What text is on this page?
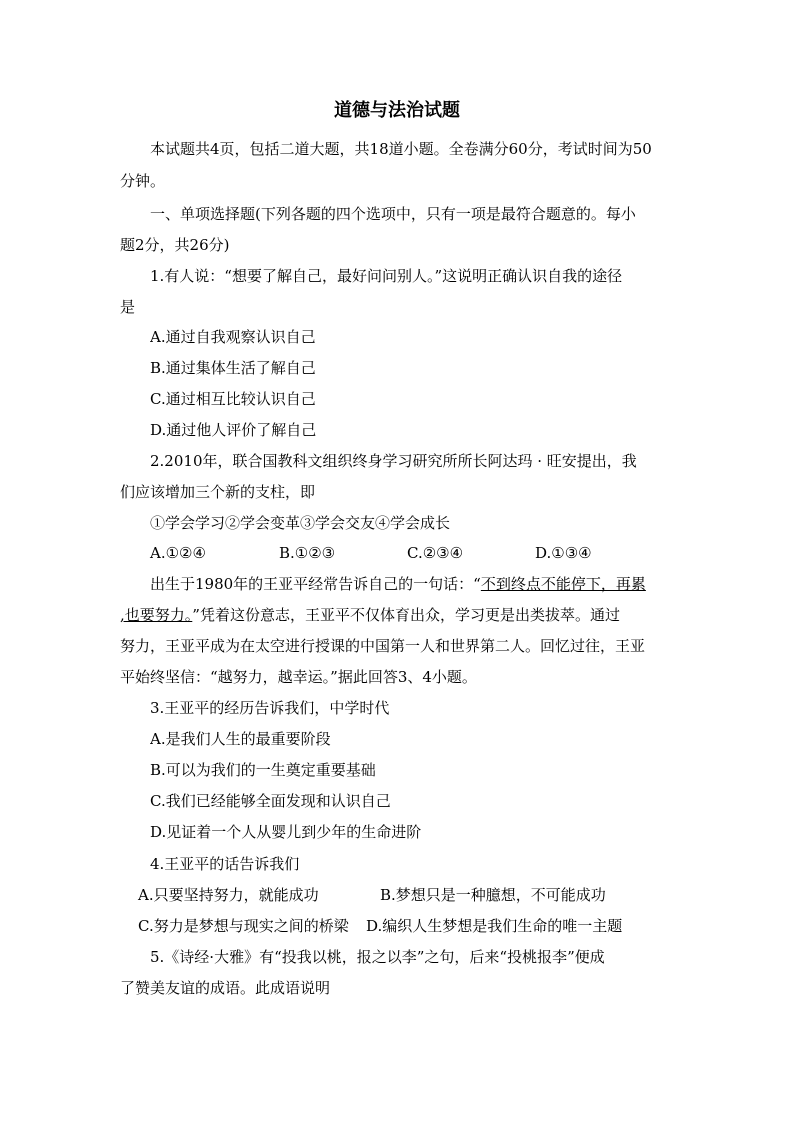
道德与法治试题
本试题共4页，包括二道大题，共18道小题。全卷满分60分，考试时间为50
分钟。
一、单项选择题(下列各题的四个选项中，只有一项是最符合题意的。每小
题2分，共26分)
1.有人说：“想要了解自己，最好问问别人。”这说明正确认识自我的途径
是
A.通过自我观察认识自己
B.通过集体生活了解自己
C.通过相互比较认识自己
D.通过他人评价了解自己
2.2010年，联合国教科文组织终身学习研究所所长阿达玛 · 旺安提出，我
们应该增加三个新的支柱，即
①学会学习②学会变革③学会交友④学会成长
A.①②④	B.①②③	C.②③④	D.①③④
出生于1980年的王亚平经常告诉自己的一句话：“不到终点不能停下，再累
,也要努力。”凭着这份意志，王亚平不仅体育出众，学习更是出类拔萃。通过
努力，王亚平成为在太空进行授课的中国第一人和世界第二人。回忆过往，王亚
平始终坚信：“越努力，越幸运。”据此回答3、4小题。
3.王亚平的经历告诉我们，中学时代
A.是我们人生的最重要阶段
B.可以为我们的一生奠定重要基础
C.我们已经能够全面发现和认识自己
D.见证着一个人从婴儿到少年的生命进阶
4.王亚平的话告诉我们
A.只要坚持努力，就能成功	B.梦想只是一种臆想，不可能成功
C.努力是梦想与现实之间的桥梁 D.编织人生梦想是我们生命的唯一主题
5.《诗经·大雅》有“投我以桃，报之以李”之句，后来“投桃报李”便成
了赞美友谊的成语。此成语说明
